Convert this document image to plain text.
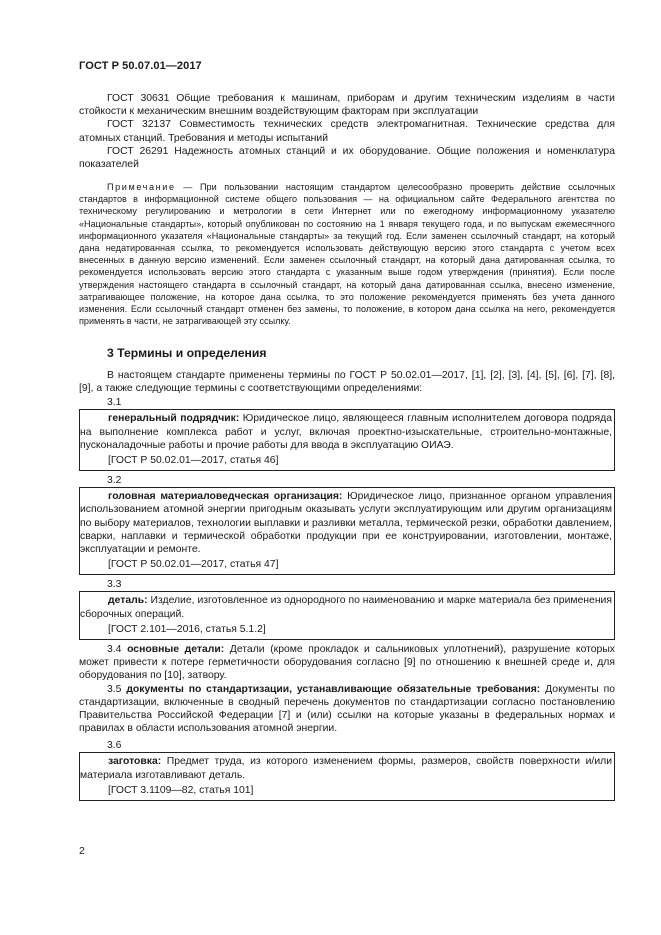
ГОСТ Р 50.07.01—2017

ГОСТ 30631 Общие требования к машинам, приборам и другим техническим изделиям в части стойкости к механическим внешним воздействующим факторам при эксплуатации

ГОСТ 32137 Совместимость технических средств электромагнитная. Технические средства для атомных станций. Требования и методы испытаний

ГОСТ 26291 Надежность атомных станций и их оборудование. Общие положения и номенклатура показателей

Примечание — При пользовании настоящим стандартом целесообразно проверить действие ссылочных стандартов в информационной системе общего пользования — на официальном сайте Федерального агентства по техническому регулированию и метрологии в сети Интернет или по ежегодному информационному указателю «Национальные стандарты», который опубликован по состоянию на 1 января текущего года, и по выпускам ежемесячного информационного указателя «Национальные стандарты» за текущий год. Если заменен ссылочный стандарт, на который дана недатированная ссылка, то рекомендуется использовать действующую версию этого стандарта с учетом всех внесенных в данную версию изменений. Если заменен ссылочный стандарт, на который дана датированная ссылка, то рекомендуется использовать версию этого стандарта с указанным выше годом утверждения (принятия). Если после утверждения настоящего стандарта в ссылочный стандарт, на который дана датированная ссылка, внесено изменение, затрагивающее положение, на которое дана ссылка, то это положение рекомендуется применять без учета данного изменения. Если ссылочный стандарт отменен без замены, то положение, в котором дана ссылка на него, рекомендуется применять в части, не затрагивающей эту ссылку.

3 Термины и определения

В настоящем стандарте применены термины по ГОСТ Р 50.02.01—2017, [1], [2], [3], [4], [5], [6], [7], [8], [9], а также следующие термины с соответствующими определениями:

3.1

генеральный подрядчик: Юридическое лицо, являющееся главным исполнителем договора подряда на выполнение комплекса работ и услуг, включая проектно-изыскательные, строительно-монтажные, пусконаладочные работы и прочие работы для ввода в эксплуатацию ОИАЭ.

[ГОСТ Р 50.02.01—2017, статья 46]

3.2

головная материаловедческая организация: Юридическое лицо, признанное органом управления использованием атомной энергии пригодным оказывать услуги эксплуатирующим или другим организациям по выбору материалов, технологии выплавки и разливки металла, термической резки, обработки давлением, сварки, наплавки и термической обработки продукции при ее конструировании, изготовлении, монтаже, эксплуатации и ремонте.

[ГОСТ Р 50.02.01—2017, статья 47]

3.3

деталь: Изделие, изготовленное из однородного по наименованию и марке материала без применения сборочных операций.

[ГОСТ 2.101—2016, статья 5.1.2]

3.4 основные детали: Детали (кроме прокладок и сальниковых уплотнений), разрушение которых может привести к потере герметичности оборудования согласно [9] по отношению к внешней среде и, для оборудования по [10], затвору.

3.5 документы по стандартизации, устанавливающие обязательные требования: Документы по стандартизации, включенные в сводный перечень документов по стандартизации согласно постановлению Правительства Российской Федерации [7] и (или) ссылки на которые указаны в федеральных нормах и правилах в области использования атомной энергии.

3.6

заготовка: Предмет труда, из которого изменением формы, размеров, свойств поверхности и/или материала изготавливают деталь.

[ГОСТ 3.1109—82, статья 101]

2
